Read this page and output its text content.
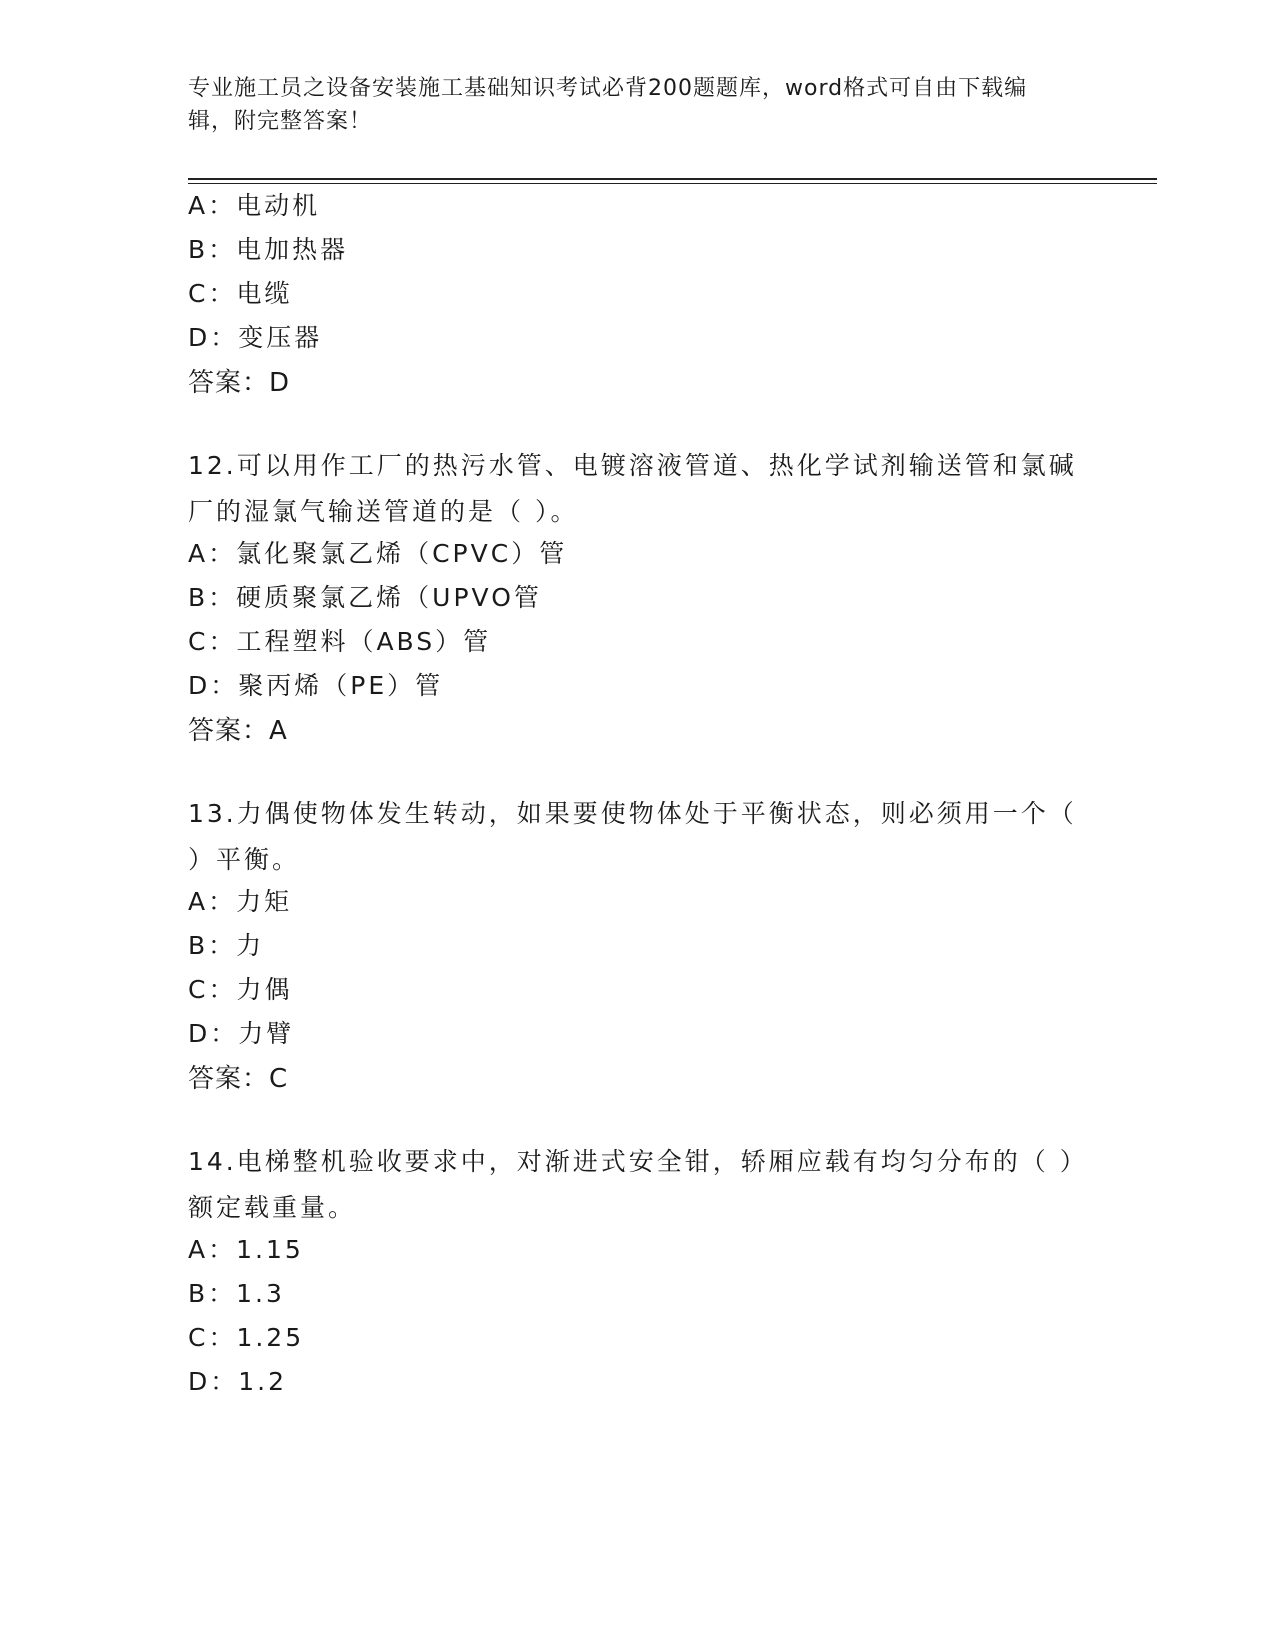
专业施工员之设备安装施工基础知识考试必背200题题库，word格式可自由下载编辑，附完整答案！
A：电动机
B：电加热器
C：电缆
D：变压器
答案：D
12.可以用作工厂的热污水管、电镀溶液管道、热化学试剂输送管和氯碱厂的湿氯气输送管道的是（ ）。
A：氯化聚氯乙烯（CPVC）管
B：硬质聚氯乙烯（UPVO管
C：工程塑料（ABS）管
D：聚丙烯（PE）管
答案：A
13.力偶使物体发生转动，如果要使物体处于平衡状态，则必须用一个（ ）平衡。
A：力矩
B：力
C：力偶
D：力臂
答案：C
14.电梯整机验收要求中，对渐进式安全钳，轿厢应载有均匀分布的（ ）额定载重量。
A：1.15
B：1.3
C：1.25
D：1.2
